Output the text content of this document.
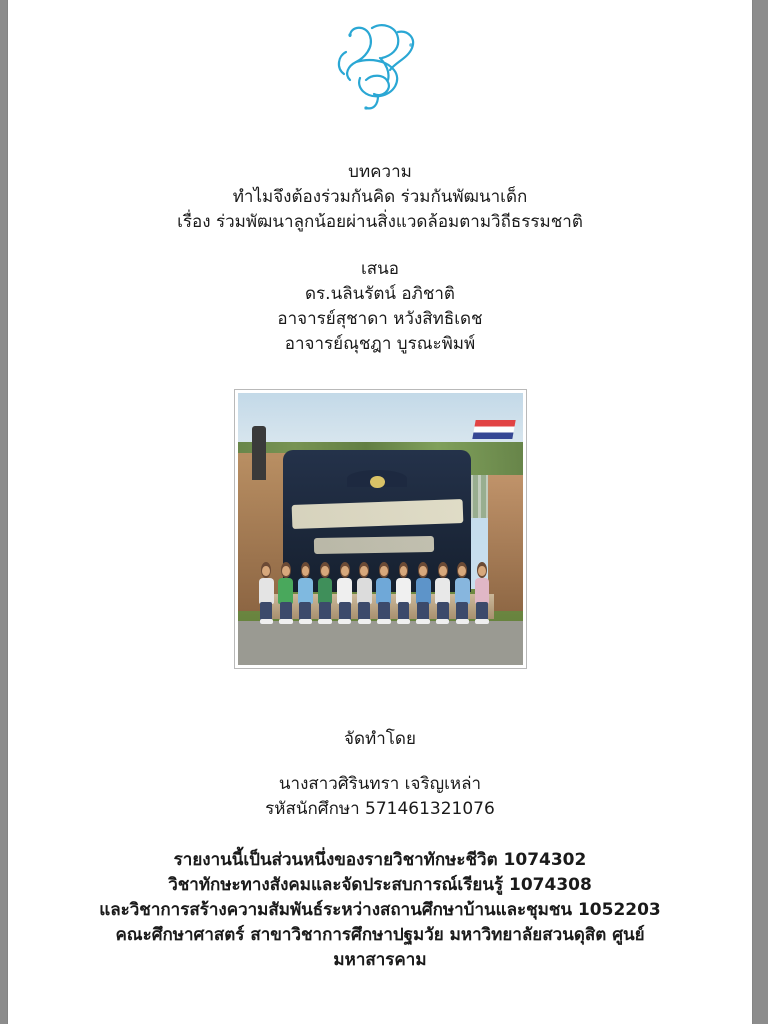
บทความ
ทำไมจึงต้องร่วมกันคิด ร่วมกันพัฒนาเด็ก
เรื่อง ร่วมพัฒนาลูกน้อยผ่านสิ่งแวดล้อมตามวิถีธรรมชาติ
เสนอ
ดร.นลินรัตน์ อภิชาติ
อาจารย์สุชาดา หวังสิทธิเดช
อาจารย์ณุชฎา บูรณะพิมพ์
จัดทำโดย
นางสาวศิรินทรา เจริญเหล่า
รหัสนักศึกษา 571461321076
รายงานนี้เป็นส่วนหนึ่งของรายวิชาทักษะชีวิต 1074302
วิชาทักษะทางสังคมและจัดประสบการณ์เรียนรู้ 1074308
และวิชาการสร้างความสัมพันธ์ระหว่างสถานศึกษาบ้านและชุมชน 1052203
คณะศึกษาศาสตร์ สาขาวิชาการศึกษาปฐมวัย มหาวิทยาลัยสวนดุสิต ศูนย์
มหาสารคาม
